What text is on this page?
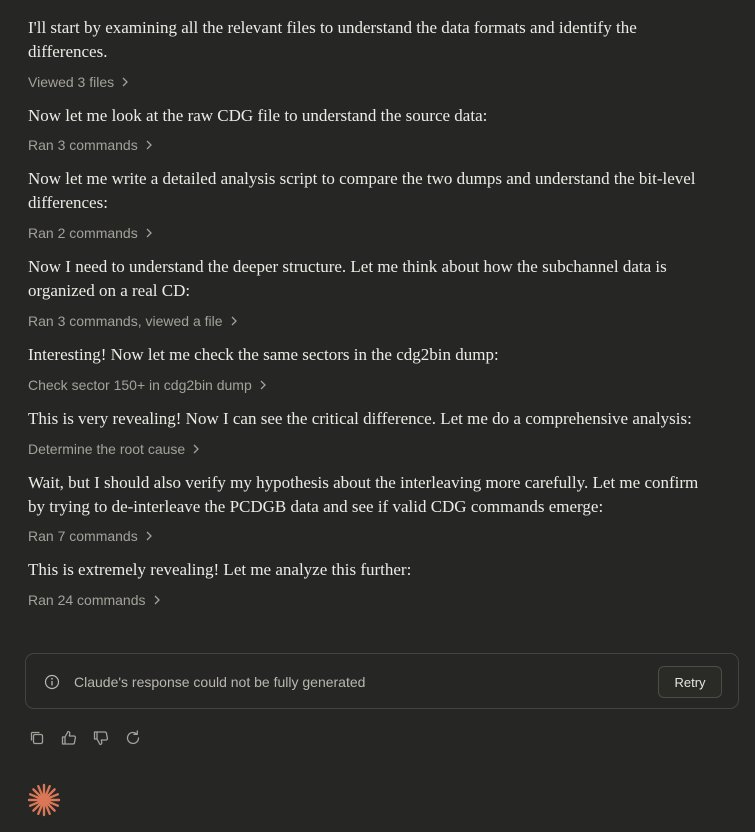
I'll start by examining all the relevant files to understand the data formats and identify the differences.

Viewed 3 files

Now let me look at the raw CDG file to understand the source data:

Ran 3 commands

Now let me write a detailed analysis script to compare the two dumps and understand the bit-level differences:

Ran 2 commands

Now I need to understand the deeper structure. Let me think about how the subchannel data is organized on a real CD:

Ran 3 commands, viewed a file

Interesting! Now let me check the same sectors in the cdg2bin dump:

Check sector 150+ in cdg2bin dump

This is very revealing! Now I can see the critical difference. Let me do a comprehensive analysis:

Determine the root cause

Wait, but I should also verify my hypothesis about the interleaving more carefully. Let me confirm by trying to de-interleave the PCDGB data and see if valid CDG commands emerge:

Ran 7 commands

This is extremely revealing! Let me analyze this further:

Ran 24 commands
Claude's response could not be fully generated	Retry
